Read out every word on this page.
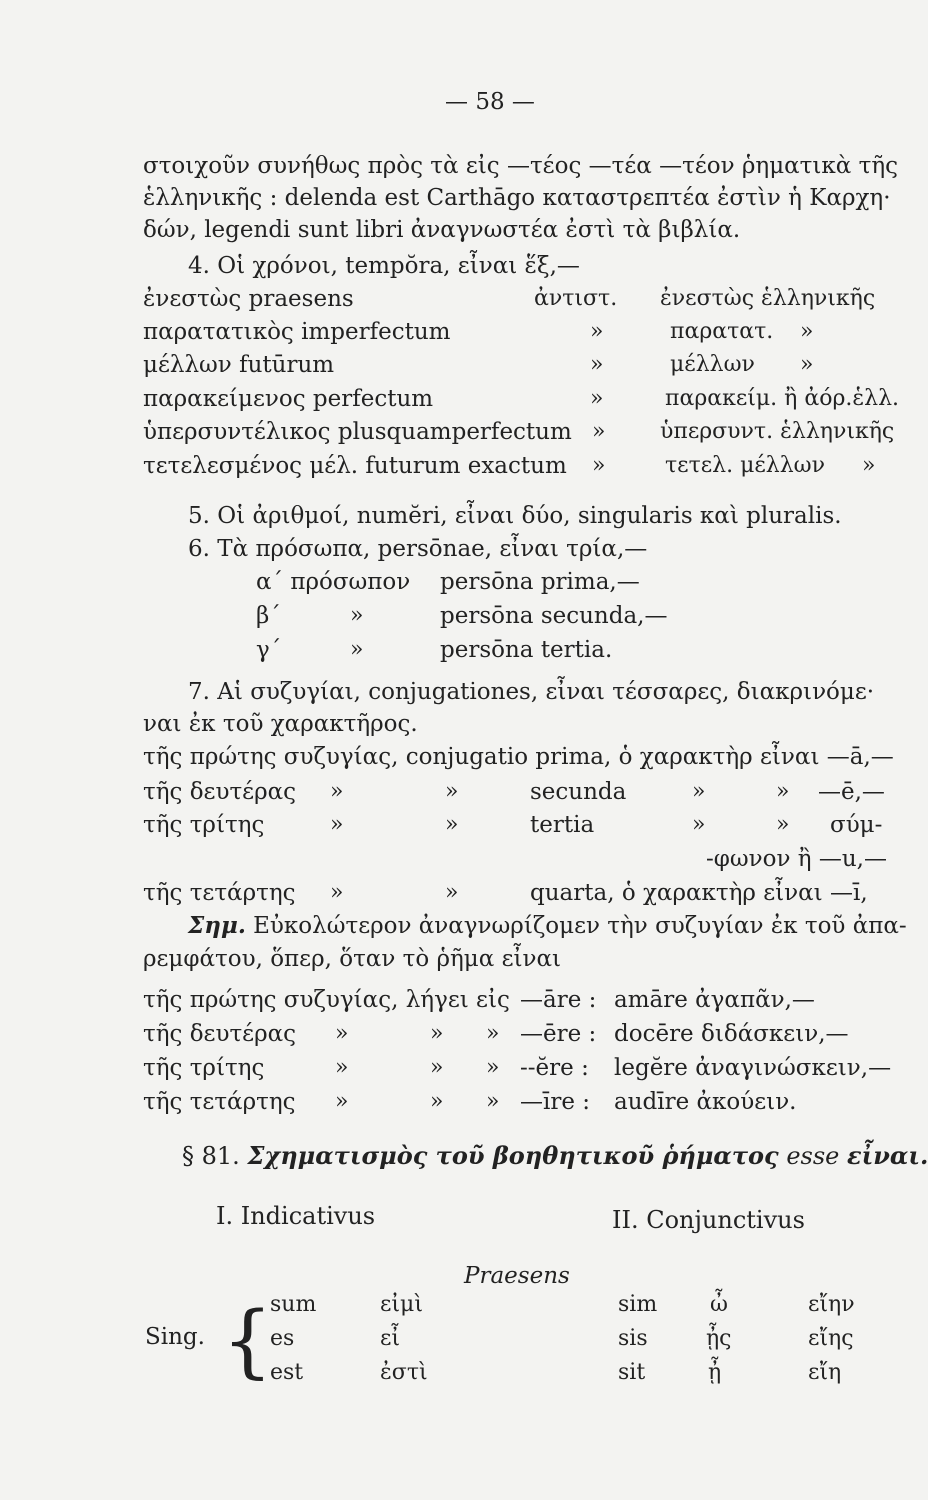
— 58 —
στοιχοῦν συνήθως πρὸς τὰ εἰς —τέος —τέα —τέον ῥηματικὰ τῆς
ἑλληνικῆς : delenda est Carthāgo καταστρεπτέα ἐστὶν ἡ Καρχη·
δών, legendi sunt libri ἀναγνωστέα ἐστὶ τὰ βιβλία.
4. Οἱ χρόνοι, tempŏra, εἶναι ἕξ,—
ἐνεστὼς praesens	ἀντιστ. ἐνεστὼς ἑλληνικῆς
παρατατικὸς imperfectum	»	παρατατ. »
μέλλων futūrum	»	μέλλων »
παρακείμενος perfectum	»	παρακείμ. ἢ ἀόρ.ἑλλ.
ὑπερσυντέλικος plusquamperfectum » ὑπερσυντ. ἑλληνικῆς
τετελεσμένος μέλ. futurum exactum »	τετελ. μέλλων »
5. Οἱ ἀριθμοί, numĕri, εἶναι δύο, singularis καὶ pluralis.
6. Τὰ πρόσωπα, persōnae, εἶναι τρία,—
α΄ πρόσωπον persōna prima,—
β΄	»	persōna secunda,—
γ΄	»	persōna tertia.
7. Αἱ συζυγίαι, conjugationes, εἶναι τέσσαρες, διακρινόμε·
ναι ἐκ τοῦ χαρακτῆρος.
τῆς πρώτης συζυγίας, conjugatio prima, ὁ χαρακτὴρ εἶναι —ā,—
τῆς δευτέρας »	»	secunda	»	» —ē,—
τῆς τρίτης	»	»	tertia	»	» σύμ-
-φωνον ἢ —u,—
τῆς τετάρτης »	»	quarta, ὁ χαρακτὴρ εἶναι —ī,
Σημ. Εὐκολώτερον ἀναγνωρίζομεν τὴν συζυγίαν ἐκ τοῦ ἀπα-
ρεμφάτου, ὅπερ, ὅταν τὸ ῥῆμα εἶναι
τῆς πρώτης συζυγίας, λήγει εἰς —āre : amāre ἀγαπᾶν,—
τῆς δευτέρας »	» » —ēre : docēre διδάσκειν,—
τῆς τρίτης	»	» » --ĕre : legĕre ἀναγινώσκειν,—
τῆς τετάρτης »	» » —īre : audīre ἀκούειν.
§ 81. Σχηματισμὸς τοῦ βοηθητικοῦ ῥήματος esse εἶναι.
I. Indicativus	II. Conjunctivus
Praesens
Sing. {
sum	εἰμὶ	sim ὦ	εἴην
es	εἶ	sis	ᾖς	εἴης
est	ἐστὶ	sit	ᾖ	εἴη
